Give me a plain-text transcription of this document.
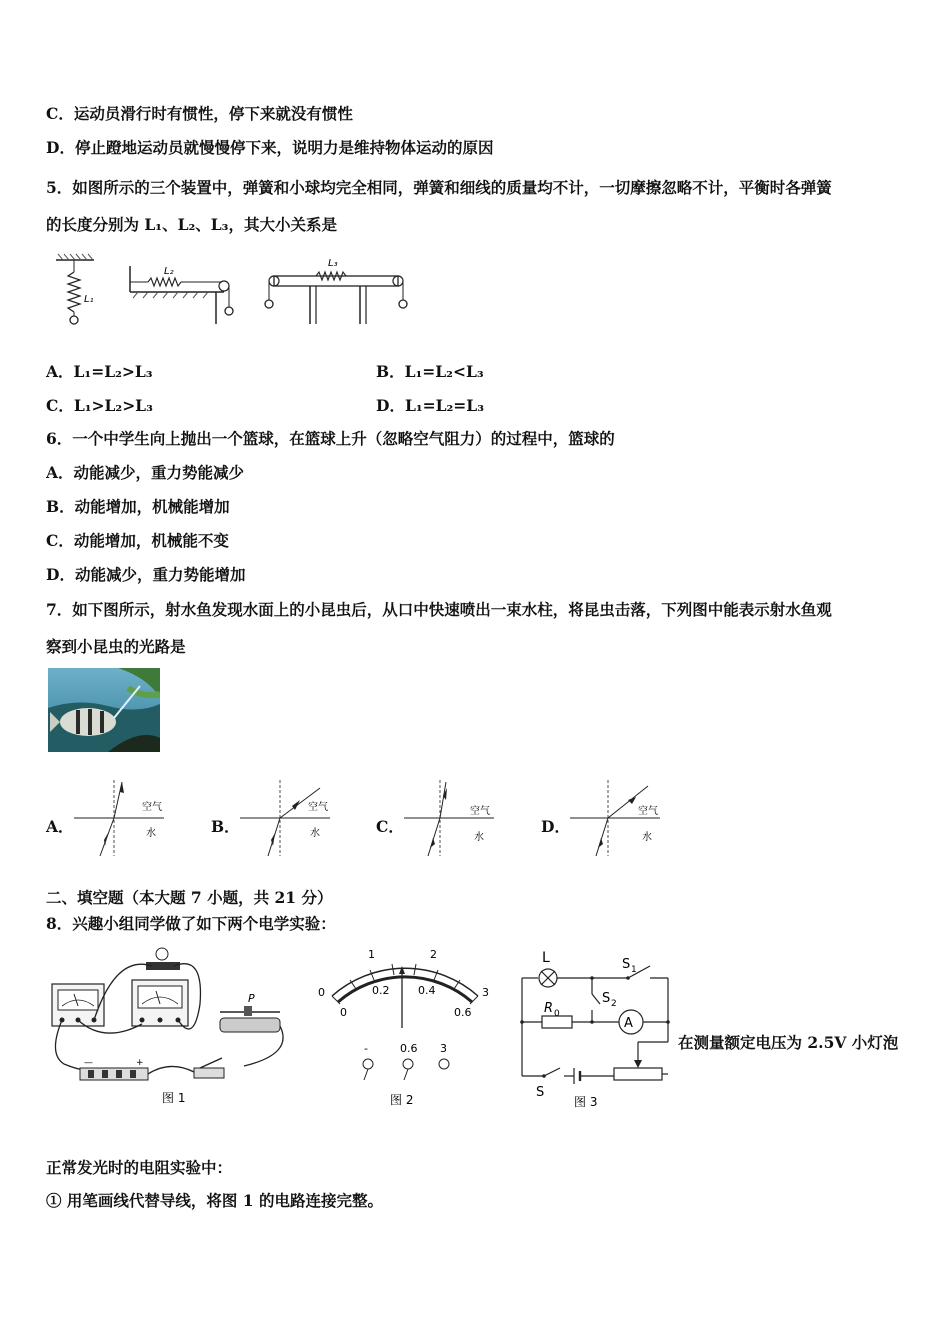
C．运动员滑行时有惯性，停下来就没有惯性
D．停止蹬地运动员就慢慢停下来，说明力是维持物体运动的原因
5．如图所示的三个装置中，弹簧和小球均完全相同，弹簧和细线的质量均不计，一切摩擦忽略不计，平衡时各弹簧
的长度分别为 L₁、L₂、L₃，其大小关系是
L₁
L₂
L₃
A．L₁=L₂>L₃	B．L₁=L₂<L₃
C．L₁>L₂>L₃	D．L₁=L₂=L₃
6．一个中学生向上抛出一个篮球，在篮球上升（忽略空气阻力）的过程中，篮球的
A．动能减少，重力势能减少
B．动能增加，机械能增加
C．动能增加，机械能不变
D．动能减少，重力势能增加
7．如下图所示，射水鱼发现水面上的小昆虫后，从口中快速喷出一束水柱，将昆虫击落，下列图中能表示射水鱼观
察到小昆虫的光路是
A．
空气
水	B．
空气
水	C．
空气
水
D．
空气
水
二、填空题（本大题 7 小题，共 21 分）
8．兴趣小组同学做了如下两个电学实验：
P
—	+
图 1
0
1	2
3
0
0.2	0.4
0.6
-	0.6 3
图 2
L	S 1
S 2
R 0
A
S
图 3
在测量额定电压为 2.5V 小灯泡
正常发光时的电阻实验中：
① 用笔画线代替导线，将图 1 的电路连接完整。
